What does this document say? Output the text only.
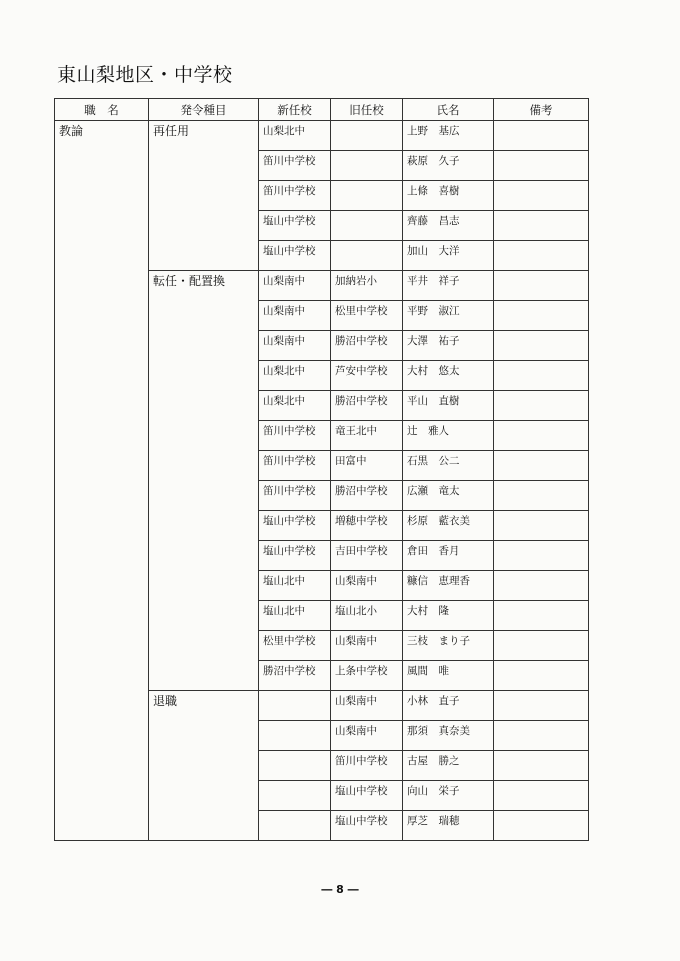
東山梨地区・中学校
職　名	発令種目	新任校	旧任校	氏名	備考
教論	再任用	山梨北中		上野　基広	
		笛川中学校		萩原　久子	
		笛川中学校		上條　喜樹	
		塩山中学校		齊藤　昌志	
		塩山中学校		加山　大洋	
	転任・配置換	山梨南中	加納岩小	平井　祥子	
		山梨南中	松里中学校	平野　淑江	
		山梨南中	勝沼中学校	大澤　祐子	
		山梨北中	芦安中学校	大村　悠太	
		山梨北中	勝沼中学校	平山　直樹	
		笛川中学校	竜王北中	辻　雅人	
		笛川中学校	田富中	石黒　公二	
		笛川中学校	勝沼中学校	広瀬　竜太	
		塩山中学校	増穂中学校	杉原　藍衣美	
		塩山中学校	吉田中学校	倉田　香月	
		塩山北中	山梨南中	糠信　恵理香	
		塩山北中	塩山北小	大村　隆	
		松里中学校	山梨南中	三枝　まり子	
		勝沼中学校	上条中学校	風間　唯	
	退職		山梨南中	小林　直子	
			山梨南中	那須　真奈美	
			笛川中学校	古屋　勝之	
			塩山中学校	向山　栄子	
			塩山中学校	厚芝　瑞穂	
― 8 ―
